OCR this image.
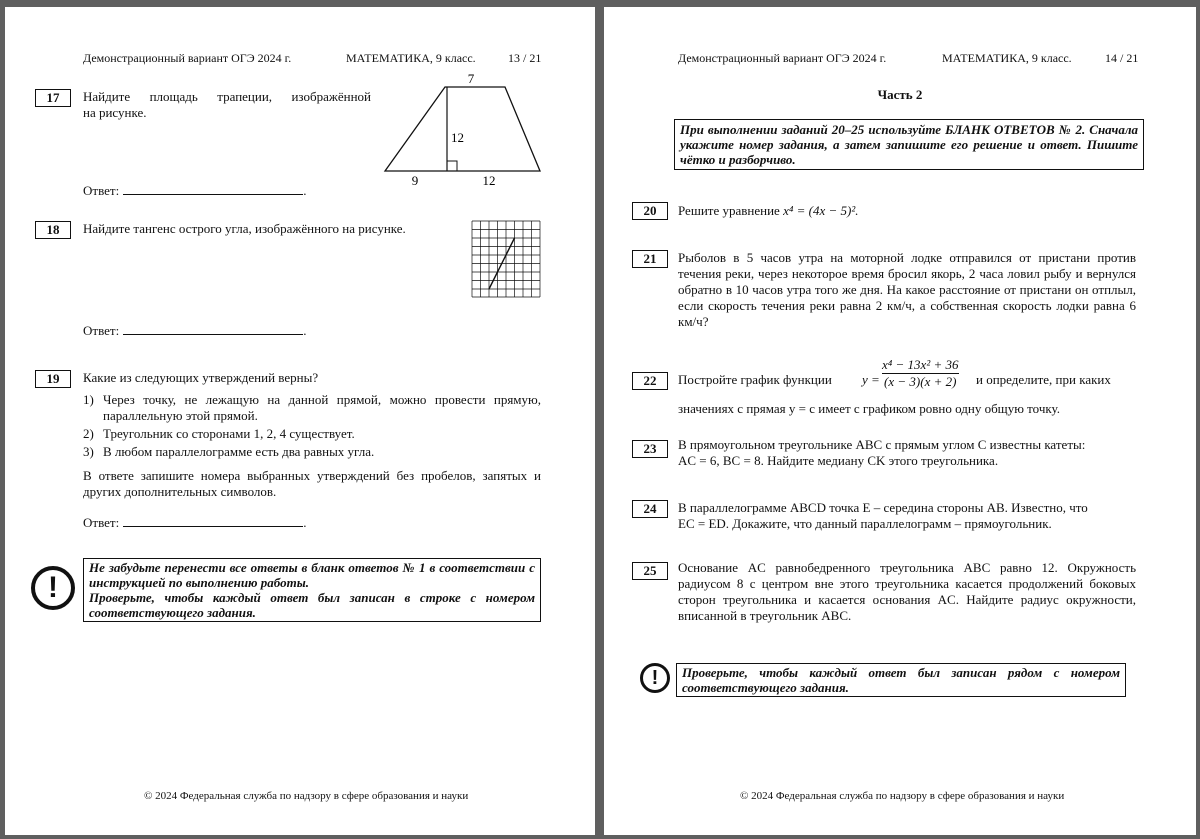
Демонстрационный вариант ОГЭ 2024 г.	МАТЕМАТИКА, 9 класс.	13 / 21
17	Найдите площадь трапеции, изображённой
на рисунке.
7
12
9	12
Ответ:	.
18	Найдите тангенс острого угла, изображённого на рисунке.
Ответ:	.
19	Какие из следующих утверждений верны?
1) Через точку, не лежащую на данной прямой, можно провести прямую, параллельную этой прямой.
2) Треугольник со сторонами 1, 2, 4 существует.
3) В любом параллелограмме есть два равных угла.
В ответе запишите номера выбранных утверждений без пробелов, запятых и других дополнительных символов.
Ответ:	.
!
Не забудьте перенести все ответы в бланк ответов № 1 в соответствии с инструкцией по выполнению работы.
Проверьте, чтобы каждый ответ был записан в строке с номером соответствующего задания.
© 2024 Федеральная служба по надзору в сфере образования и науки
Демонстрационный вариант ОГЭ 2024 г.	МАТЕМАТИКА, 9 класс.	14 / 21
Часть 2
При выполнении заданий 20–25 используйте БЛАНК ОТВЕТОВ № 2. Сначала укажите номер задания, а затем запишите его решение и ответ. Пишите чётко и разборчиво.
20	Решите уравнение x⁴ = (4x − 5)².
21	Рыболов в 5 часов утра на моторной лодке отправился от пристани против течения реки, через некоторое время бросил якорь, 2 часа ловил рыбу и вернулся обратно в 10 часов утра того же дня. На какое расстояние от пристани он отплыл, если скорость течения реки равна 2 км/ч, а собственная скорость лодки равна 6 км/ч?
22	Постройте график функции $y = \frac{\text{x⁴ − 13x² + 36}}{(x - 3)(x + 2)}$ и определите, при каких
значениях c прямая y = c имеет с графиком ровно одну общую точку.
23	В прямоугольном треугольнике ABC с прямым углом C известны катеты:
AC = 6, BC = 8. Найдите медиану CK этого треугольника.
24	В параллелограмме ABCD точка E – середина стороны AB. Известно, что
EC = ED. Докажите, что данный параллелограмм – прямоугольник.
25	Основание AC равнобедренного треугольника ABC равно 12. Окружность радиусом 8 с центром вне этого треугольника касается продолжений боковых сторон треугольника и касается основания AC. Найдите радиус окружности, вписанной в треугольник ABC.
!	Проверьте, чтобы каждый ответ был записан рядом с номером соответствующего задания.
© 2024 Федеральная служба по надзору в сфере образования и науки
